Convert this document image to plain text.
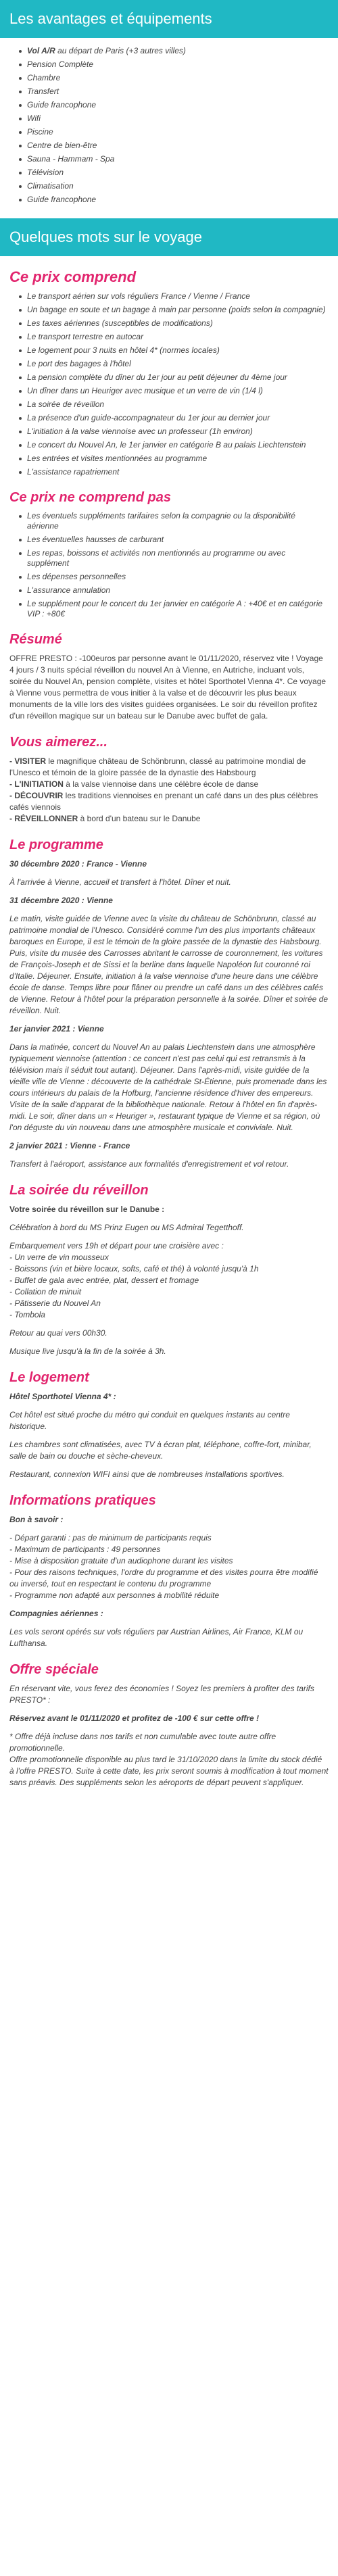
Les avantages et équipements
Vol A/R au départ de Paris (+3 autres villes)
Pension Complète
Chambre
Transfert
Guide francophone
Wifi
Piscine
Centre de bien-être
Sauna - Hammam - Spa
Télévision
Climatisation
Guide francophone
Quelques mots sur le voyage
Ce prix comprend
Le transport aérien sur vols réguliers France / Vienne / France
Un bagage en soute et un bagage à main par personne (poids selon la compagnie)
Les taxes aériennes (susceptibles de modifications)
Le transport terrestre en autocar
Le logement pour 3 nuits en hôtel 4* (normes locales)
Le port des bagages à l'hôtel
La pension complète du dîner du 1er jour au petit déjeuner du 4ème jour
Un dîner dans un Heuriger avec musique et un verre de vin (1/4 l)
La soirée de réveillon
La présence d'un guide-accompagnateur du 1er jour au dernier jour
L'initiation à la valse viennoise avec un professeur (1h environ)
Le concert du Nouvel An, le 1er janvier en catégorie B au palais Liechtenstein
Les entrées et visites mentionnées au programme
L'assistance rapatriement
Ce prix ne comprend pas
Les éventuels suppléments tarifaires selon la compagnie ou la disponibilité aérienne
Les éventuelles hausses de carburant
Les repas, boissons et activités non mentionnés au programme ou avec supplément
Les dépenses personnelles
L'assurance annulation
Le supplément pour le concert du 1er janvier en catégorie A : +40€ et en catégorie VIP : +80€
Résumé

OFFRE PRESTO : -100euros par personne avant le 01/11/2020, réservez vite ! Voyage 4 jours / 3 nuits spécial réveillon du nouvel An à Vienne, en Autriche, incluant vols, soirée du Nouvel An, pension complète, visites et hôtel Sporthotel Vienna 4*. Ce voyage à Vienne vous permettra de vous initier à la valse et de découvrir les plus beaux monuments de la ville lors des visites guidées organisées. Le soir du réveillon profitez d'un réveillon magique sur un bateau sur le Danube avec buffet de gala.

Vous aimerez...
- VISITER le magnifique château de Schönbrunn, classé au patrimoine mondial de l'Unesco et témoin de la gloire passée de la dynastie des Habsbourg
- L'INITIATION à la valse viennoise dans une célèbre école de danse
- DÉCOUVRIR les traditions viennoises en prenant un café dans un des plus célèbres cafés viennois
- RÉVEILLONNER à bord d'un bateau sur le Danube
Le programme

30 décembre 2020 : France - Vienne

À l'arrivée à Vienne, accueil et transfert à l'hôtel. Dîner et nuit.

31 décembre 2020 : Vienne

Le matin, visite guidée de Vienne avec la visite du château de Schönbrunn, classé au patrimoine mondial de l'Unesco. Considéré comme l'un des plus importants châteaux baroques en Europe, il est le témoin de la gloire passée de la dynastie des Habsbourg. Puis, visite du musée des Carrosses abritant le carrosse de couronnement, les voitures de François-Joseph et de Sissi et la berline dans laquelle Napoléon fut couronné roi d'Italie. Déjeuner. Ensuite, initiation à la valse viennoise d'une heure dans une célèbre école de danse. Temps libre pour flâner ou prendre un café dans un des célèbres cafés de Vienne. Retour à l'hôtel pour la préparation personnelle à la soirée. Dîner et soirée de réveillon. Nuit.

1er janvier 2021 : Vienne

Dans la matinée, concert du Nouvel An au palais Liechtenstein dans une atmosphère typiquement viennoise (attention : ce concert n'est pas celui qui est retransmis à la télévision mais il séduit tout autant). Déjeuner. Dans l'après-midi, visite guidée de la vieille ville de Vienne : découverte de la cathédrale St-Étienne, puis promenade dans les cours intérieurs du palais de la Hofburg, l'ancienne résidence d'hiver des empereurs. Visite de la salle d'apparat de la bibliothèque nationale. Retour à l'hôtel en fin d'après-midi. Le soir, dîner dans un « Heuriger », restaurant typique de Vienne et sa région, où l'on déguste du vin nouveau dans une atmosphère musicale et conviviale. Nuit.

2 janvier 2021 : Vienne - France

Transfert à l'aéroport, assistance aux formalités d'enregistrement et vol retour.

La soirée du réveillon

Votre soirée du réveillon sur le Danube :

Célébration à bord du MS Prinz Eugen ou MS Admiral Tegetthoff.

Embarquement vers 19h et départ pour une croisière avec :

- Un verre de vin mousseux
- Boissons (vin et bière locaux, softs, café et thé) à volonté jusqu'à 1h
- Buffet de gala avec entrée, plat, dessert et fromage
- Collation de minuit
- Pâtisserie du Nouvel An
- Tombola

Retour au quai vers 00h30.

Musique live jusqu'à la fin de la soirée à 3h.

Le logement

Hôtel Sporthotel Vienna 4* :

Cet hôtel est situé proche du métro qui conduit en quelques instants au centre historique.

Les chambres sont climatisées, avec TV à écran plat, téléphone, coffre-fort, minibar, salle de bain ou douche et sèche-cheveux.

Restaurant, connexion WIFI ainsi que de nombreuses installations sportives.

Informations pratiques

Bon à savoir :

- Départ garanti : pas de minimum de participants requis
- Maximum de participants : 49 personnes
- Mise à disposition gratuite d'un audiophone durant les visites
- Pour des raisons techniques, l'ordre du programme et des visites pourra être modifié ou inversé, tout en respectant le contenu du programme
- Programme non adapté aux personnes à mobilité réduite

Compagnies aériennes :

Les vols seront opérés sur vols réguliers par Austrian Airlines, Air France, KLM ou Lufthansa.

Offre spéciale

En réservant vite, vous ferez des économies ! Soyez les premiers à profiter des tarifs PRESTO* :

Réservez avant le 01/11/2020 et profitez de -100 € sur cette offre !

* Offre déjà incluse dans nos tarifs et non cumulable avec toute autre offre promotionnelle.

Offre promotionnelle disponible au plus tard le 31/10/2020 dans la limite du stock dédié à l'offre PRESTO. Suite à cette date, les prix seront soumis à modification à tout moment sans préavis. Des suppléments selon les aéroports de départ peuvent s'appliquer.
